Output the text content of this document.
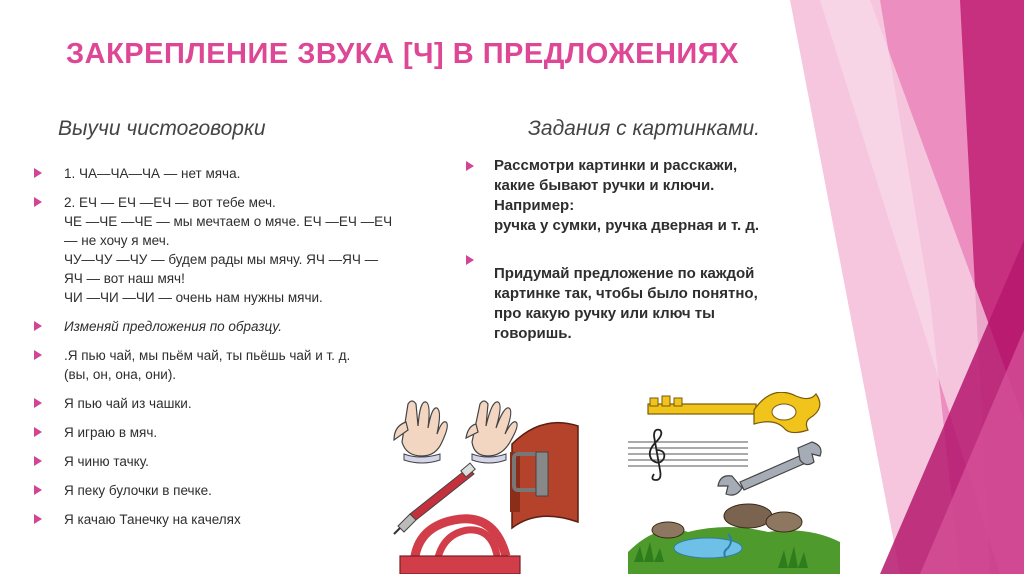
ЗАКРЕПЛЕНИЕ ЗВУКА [Ч] В ПРЕДЛОЖЕНИЯХ
Выучи чистоговорки	Задания с картинками.
1. ЧА—ЧА—ЧА — нет мяча.
2. ЕЧ — ЕЧ —ЕЧ — вот тебе меч.
ЧЕ —ЧЕ —ЧЕ — мы мечтаем о мяче. ЕЧ —ЕЧ —ЕЧ
— не хочу я меч.
ЧУ—ЧУ —ЧУ — будем рады мы мячу. ЯЧ —ЯЧ —
ЯЧ — вот наш мяч!
ЧИ —ЧИ —ЧИ — очень нам нужны мячи.
Изменяй предложения по образцу.
.Я пью чай, мы пьём чай, ты пьёшь чай и т. д.
(вы, он, она, они).
Я пью чай из чашки.
Я играю в мяч.
Я чиню тачку.
Я пеку булочки в печке.
Я качаю Танечку на качелях
Рассмотри картинки и расскажи,
какие бывают ручки и ключи.
Например:
ручка у сумки, ручка дверная и т. д.
Придумай предложение по каждой
картинке так, чтобы было понятно,
про какую ручку или ключ ты
говоришь.
